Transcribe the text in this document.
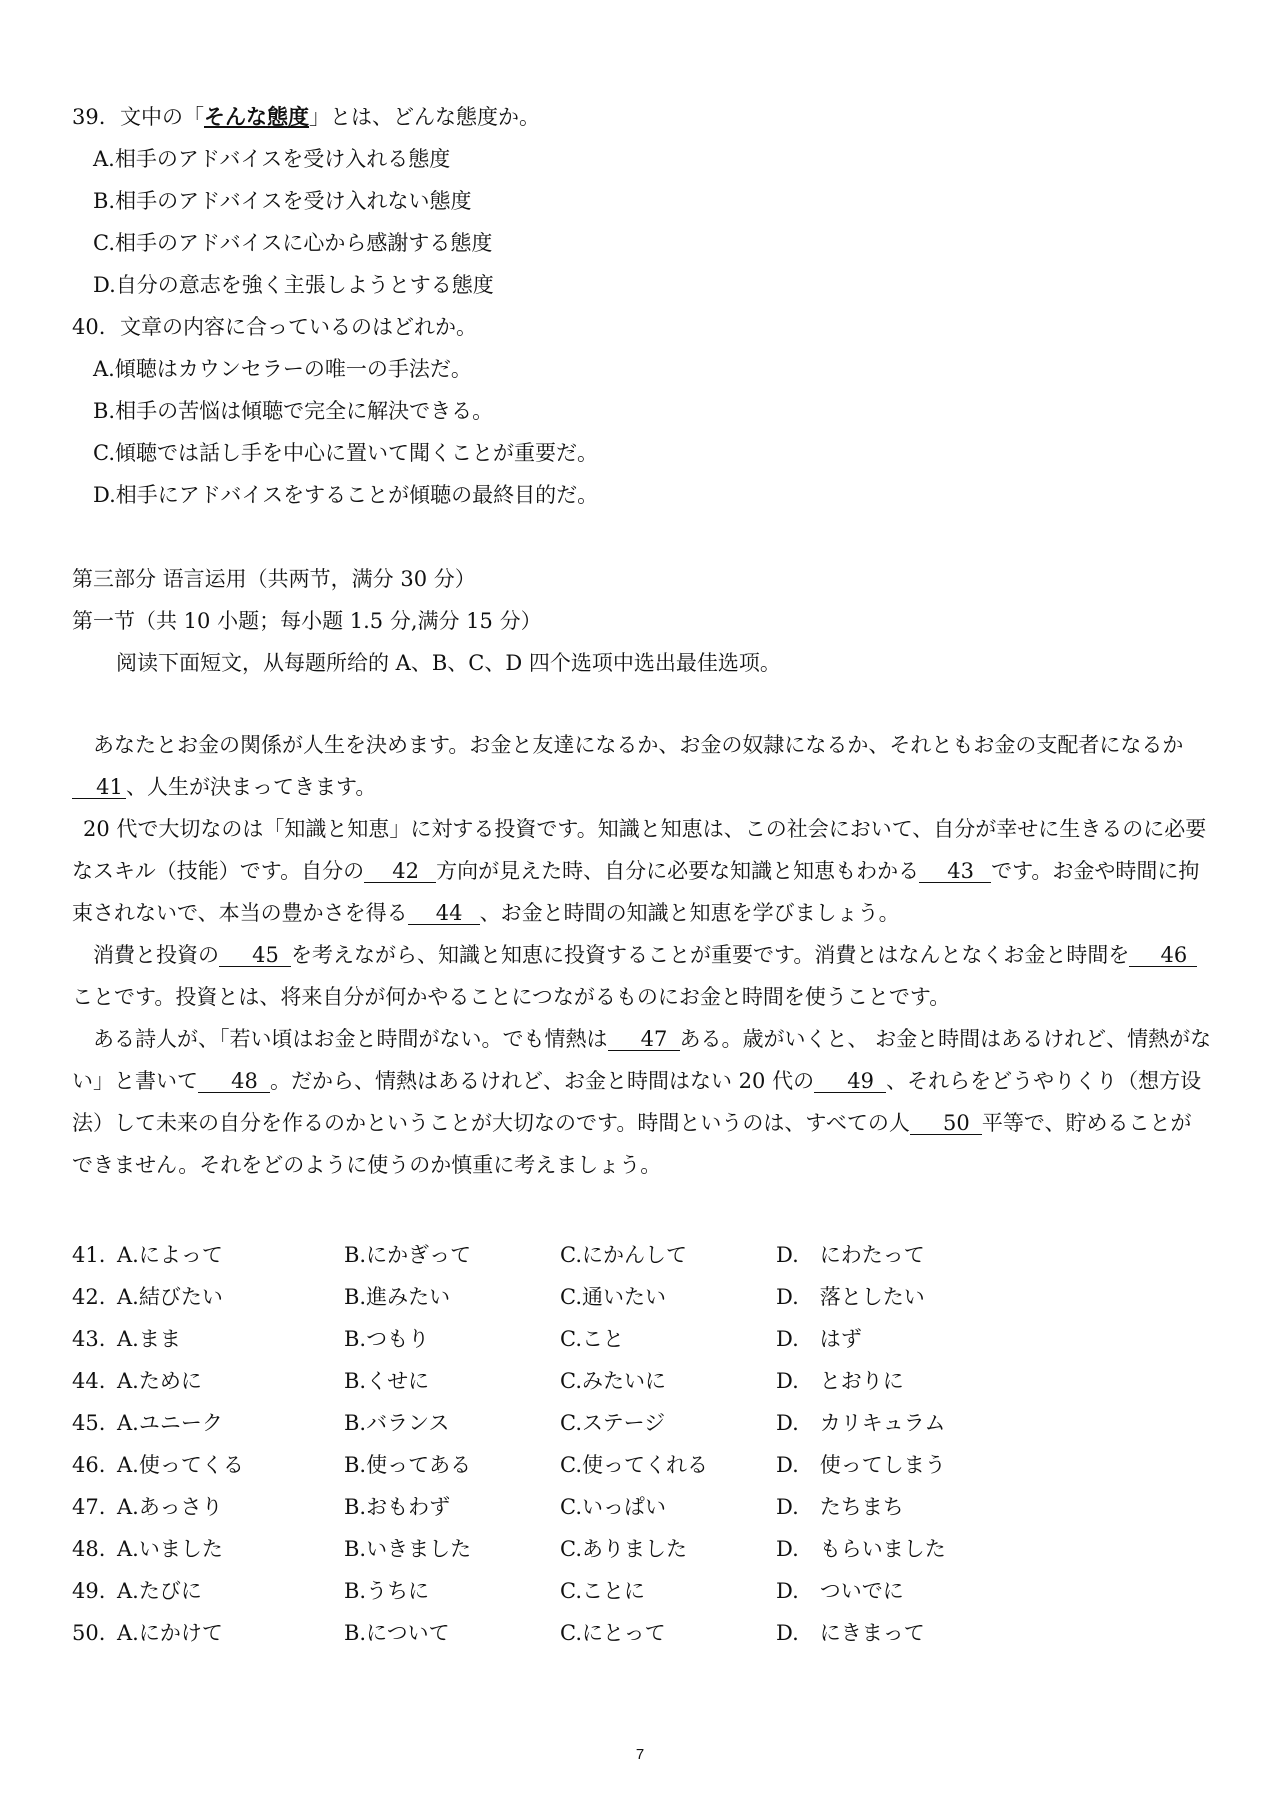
39. 文中の「そんな態度」とは、どんな態度か。
A.相手のアドバイスを受け入れる態度
B.相手のアドバイスを受け入れない態度
C.相手のアドバイスに心から感謝する態度
D.自分の意志を強く主張しようとする態度
40. 文章の内容に合っているのはどれか。
A.傾聴はカウンセラーの唯一の手法だ。
B.相手の苦悩は傾聴で完全に解決できる。
C.傾聴では話し手を中心に置いて聞くことが重要だ。
D.相手にアドバイスをすることが傾聴の最終目的だ。
第三部分 语言运用（共两节，满分 30 分）
第一节（共 10 小题；每小题 1.5 分,满分 15 分）
阅读下面短文，从每题所给的 A、B、C、D 四个选项中选出最佳选项。

あなたとお金の関係が人生を決めます。お金と友達になるか、お金の奴隷になるか、それともお金の支配者になるか41 、人生が決まってきます。

20 代で大切なのは「知識と知恵」に対する投資です。知識と知恵は、この社会において、自分が幸せに生きるのに必要なスキル（技能）です。自分の 42 方向が見えた時、自分に必要な知識と知恵もわかる 43 です。お金や時間に拘束されないで、本当の豊かさを得る 44 、お金と時間の知識と知恵を学びましょう。

消費と投資の 45 を考えながら、知識と知恵に投資することが重要です。消費とはなんとなくお金と時間を 46ことです。投資とは、将来自分が何かやることにつながるものにお金と時間を使うことです。

ある詩人が、「若い頃はお金と時間がない。でも情熱は 47 ある。歳がいくと、 お金と時間はあるけれど、情熱がない」と書いて 48 。だから、情熱はあるけれど、お金と時間はない 20 代の 49 、それらをどうやりくり（想方设法）して未来の自分を作るのかということが大切なのです。時間というのは、すべての人 50 平等で、貯めることができません。それをどのように使うのか慎重に考えましょう。

41. A.によって	B.にかぎって	C.にかんして	D.　にわたって
42. A.結びたい	B.進みたい	C.通いたい	D.　落としたい
43. A.まま	B.つもり	C.こと	D.　はず
44. A.ために	B.くせに	C.みたいに	D.　とおりに
45. A.ユニーク	B.バランス	C.ステージ	D.　カリキュラム
46. A.使ってくる	B.使ってある	C.使ってくれる	D.　使ってしまう
47. A.あっさり	B.おもわず	C.いっぱい	D.　たちまち
48. A.いました	B.いきました	C.ありました	D.　もらいました
49. A.たびに	B.うちに	C.ことに	D.　ついでに
50. A.にかけて	B.について	C.にとって	D.　にきまって
7
